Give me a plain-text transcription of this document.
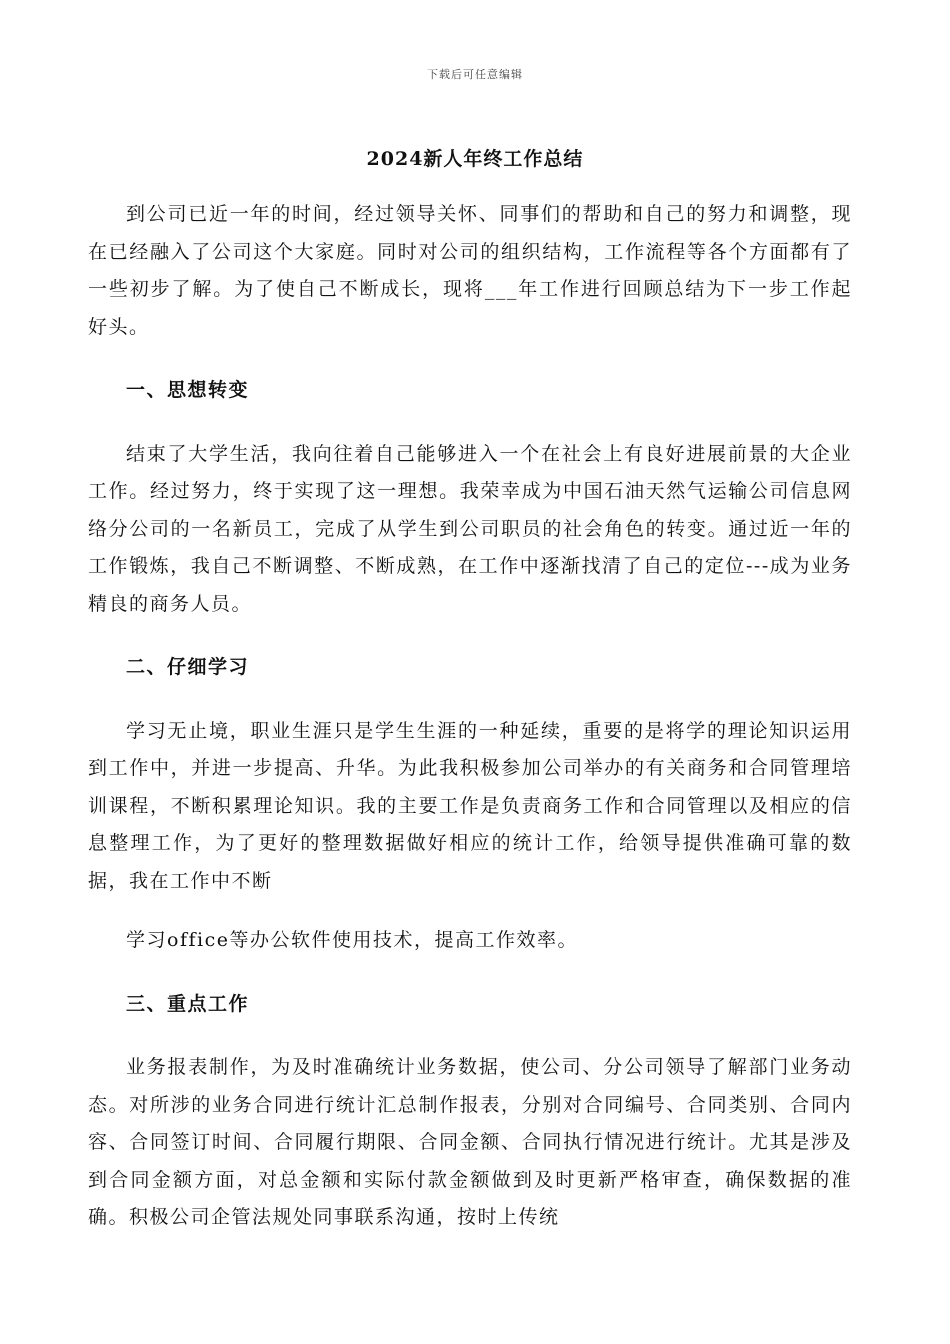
下载后可任意编辑
2024新人年终工作总结

到公司已近一年的时间，经过领导关怀、同事们的帮助和自己的努力和调整，现在已经融入了公司这个大家庭。同时对公司的组织结构，工作流程等各个方面都有了一些初步了解。为了使自己不断成长，现将___年工作进行回顾总结为下一步工作起好头。

一、思想转变

结束了大学生活，我向往着自己能够进入一个在社会上有良好进展前景的大企业工作。经过努力，终于实现了这一理想。我荣幸成为中国石油天然气运输公司信息网络分公司的一名新员工，完成了从学生到公司职员的社会角色的转变。通过近一年的工作锻炼，我自己不断调整、不断成熟，在工作中逐渐找清了自己的定位---成为业务精良的商务人员。

二、仔细学习

学习无止境，职业生涯只是学生生涯的一种延续，重要的是将学的理论知识运用到工作中，并进一步提高、升华。为此我积极参加公司举办的有关商务和合同管理培训课程，不断积累理论知识。我的主要工作是负责商务工作和合同管理以及相应的信息整理工作，为了更好的整理数据做好相应的统计工作，给领导提供准确可靠的数据，我在工作中不断

学习office等办公软件使用技术，提高工作效率。

三、重点工作

业务报表制作，为及时准确统计业务数据，使公司、分公司领导了解部门业务动态。对所涉的业务合同进行统计汇总制作报表，分别对合同编号、合同类别、合同内容、合同签订时间、合同履行期限、合同金额、合同执行情况进行统计。尤其是涉及到合同金额方面，对总金额和实际付款金额做到及时更新严格审查，确保数据的准确。积极公司企管法规处同事联系沟通，按时上传统
